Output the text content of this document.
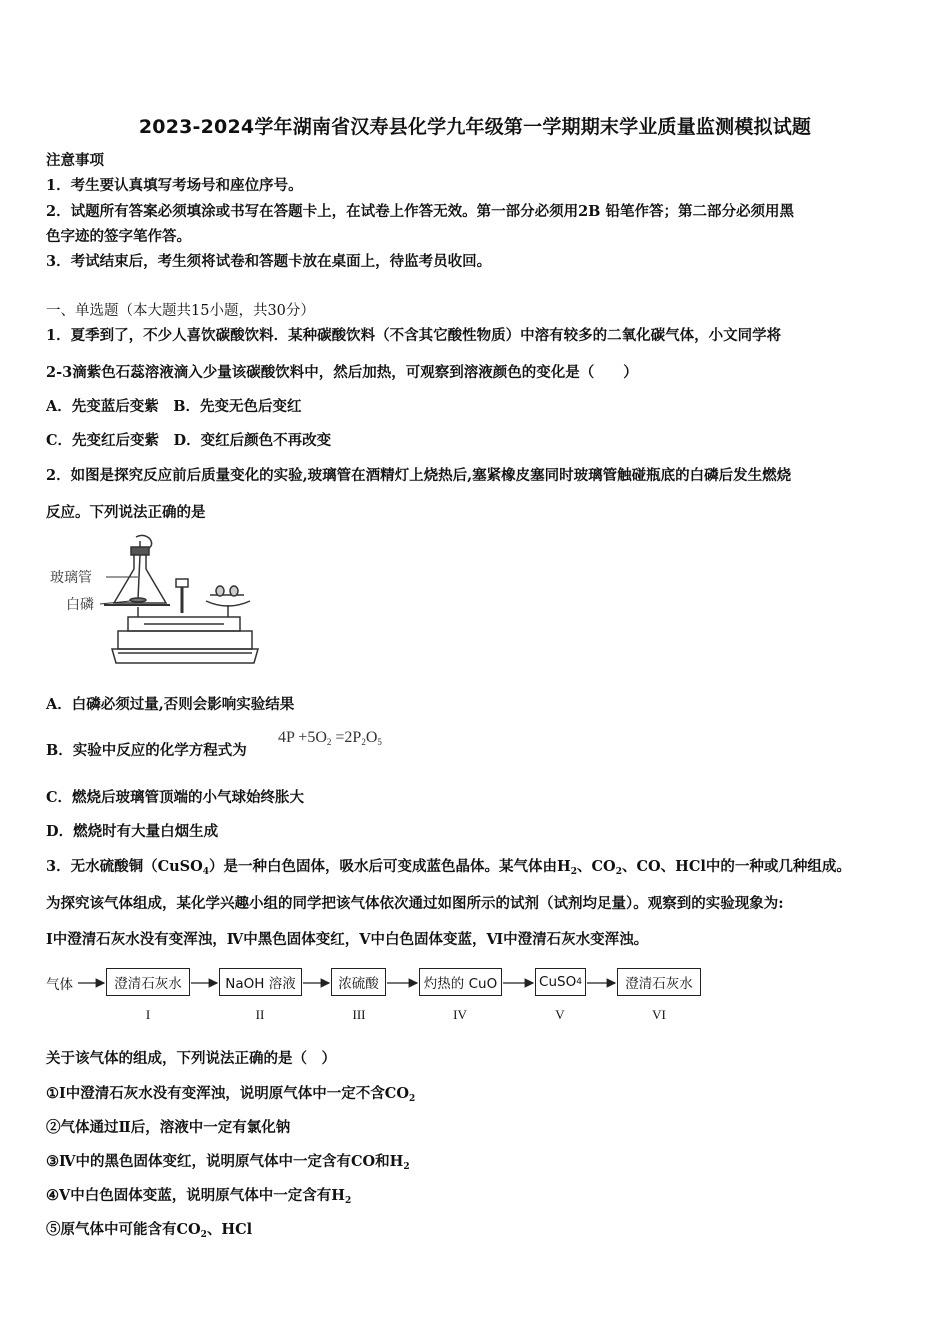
2023-2024学年湖南省汉寿县化学九年级第一学期期末学业质量监测模拟试题
注意事项
1．考生要认真填写考场号和座位序号。
2．试题所有答案必须填涂或书写在答题卡上，在试卷上作答无效。第一部分必须用2B 铅笔作答；第二部分必须用黑
色字迹的签字笔作答。
3．考试结束后，考生须将试卷和答题卡放在桌面上，待监考员收回。
一、单选题（本大题共15小题，共30分）
1．夏季到了，不少人喜饮碳酸饮料．某种碳酸饮料（不含其它酸性物质）中溶有较多的二氧化碳气体，小文同学将
2-3滴紫色石蕊溶液滴入少量该碳酸饮料中，然后加热，可观察到溶液颜色的变化是（　　）
A．先变蓝后变紫　B．先变无色后变红
C．先变红后变紫　D．变红后颜色不再改变
2．如图是探究反应前后质量变化的实验,玻璃管在酒精灯上烧热后,塞紧橡皮塞同时玻璃管触碰瓶底的白磷后发生燃烧
反应。下列说法正确的是
玻璃管
白磷
A．白磷必须过量,否则会影响实验结果
B．实验中反应的化学方程式为
$4P +5O_2 =2P_2O_5$
C．燃烧后玻璃管顶端的小气球始终胀大
D．燃烧时有大量白烟生成
3．无水硫酸铜（CuSO$_4$）是一种白色固体，吸水后可变成蓝色晶体。某气体由$H_2$、$CO_2$、CO、HCl中的一种或几种组成。
为探究该气体组成，某化学兴趣小组的同学把该气体依次通过如图所示的试剂（试剂均足量）。观察到的实验现象为:
I中澄清石灰水没有变浑浊，Ⅳ中黑色固体变红，V中白色固体变蓝，Ⅵ中澄清石灰水变浑浊。
气体	澄清石灰水	NaOH 溶液	浓硫酸	灼热的 CuO	CuSO 4	澄清石灰水
I	II	III	IV	V	VI
关于该气体的组成，下列说法正确的是（　）
①I中澄清石灰水没有变浑浊，说明原气体中一定不含$CO_2$
②气体通过Ⅱ后，溶液中一定有氯化钠
③Ⅳ中的黑色固体变红，说明原气体中一定含有CO和$H_2$
④V中白色固体变蓝，说明原气体中一定含有$H_2$
⑤原气体中可能含有$CO_2$、HCl
